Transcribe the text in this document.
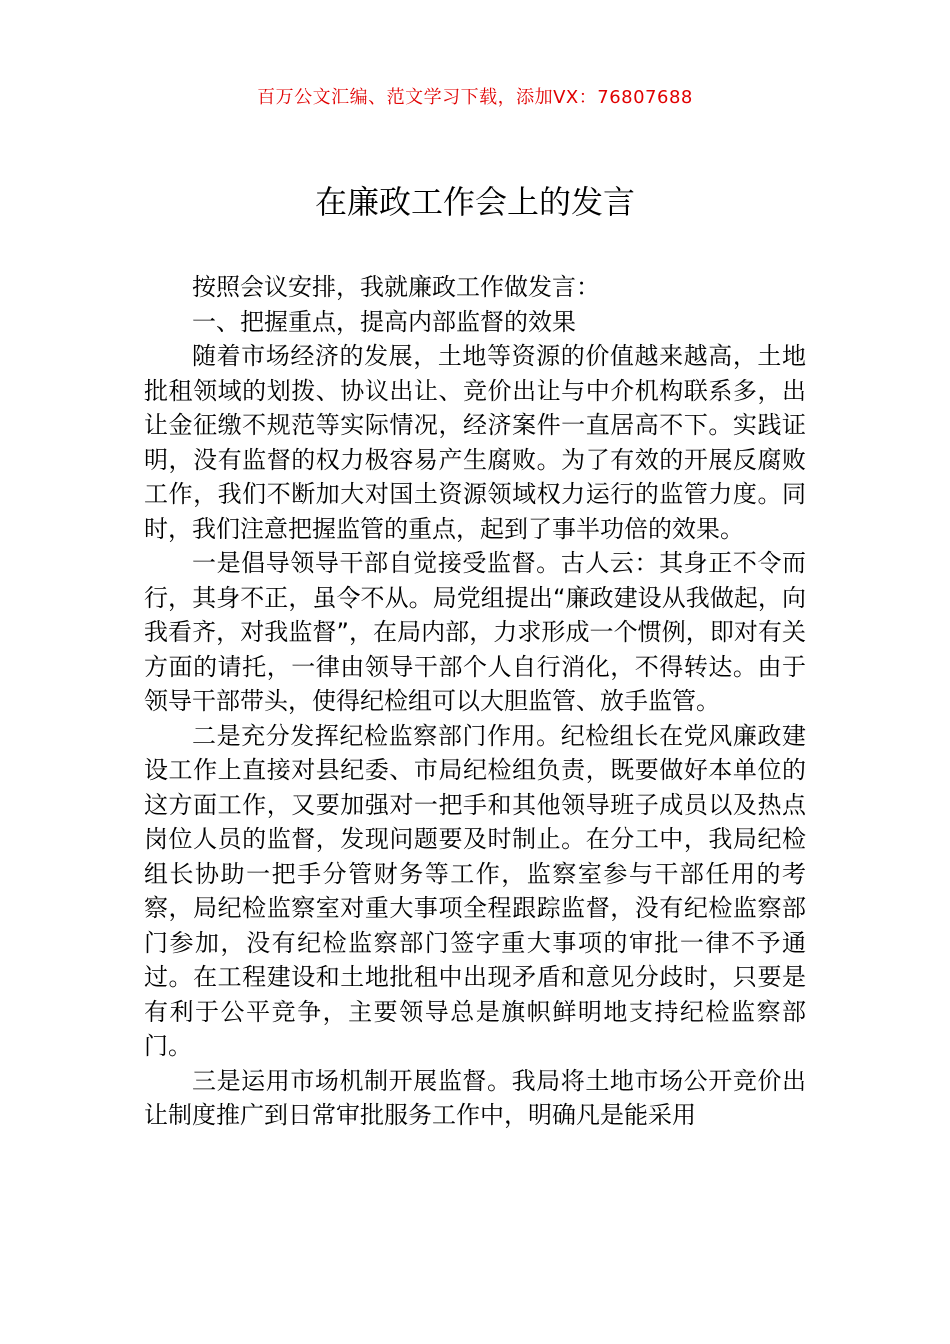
百万公文汇编、范文学习下载，添加VX：76807688
在廉政工作会上的发言

按照会议安排，我就廉政工作做发言：

一、把握重点，提高内部监督的效果

随着市场经济的发展，土地等资源的价值越来越高，土地批租领域的划拨、协议出让、竞价出让与中介机构联系多，出让金征缴不规范等实际情况，经济案件一直居高不下。实践证明，没有监督的权力极容易产生腐败。为了有效的开展反腐败工作，我们不断加大对国土资源领域权力运行的监管力度。同时，我们注意把握监管的重点，起到了事半功倍的效果。

一是倡导领导干部自觉接受监督。古人云：其身正不令而行，其身不正，虽令不从。局党组提出“廉政建设从我做起，向我看齐，对我监督”，在局内部，力求形成一个惯例，即对有关方面的请托，一律由领导干部个人自行消化，不得转达。由于领导干部带头，使得纪检组可以大胆监管、放手监管。

二是充分发挥纪检监察部门作用。纪检组长在党风廉政建设工作上直接对县纪委、市局纪检组负责，既要做好本单位的这方面工作，又要加强对一把手和其他领导班子成员以及热点岗位人员的监督，发现问题要及时制止。在分工中，我局纪检组长协助一把手分管财务等工作，监察室参与干部任用的考察，局纪检监察室对重大事项全程跟踪监督，没有纪检监察部门参加，没有纪检监察部门签字重大事项的审批一律不予通过。在工程建设和土地批租中出现矛盾和意见分歧时，只要是有利于公平竞争，主要领导总是旗帜鲜明地支持纪检监察部门。

三是运用市场机制开展监督。我局将土地市场公开竞价出让制度推广到日常审批服务工作中，明确凡是能采用
